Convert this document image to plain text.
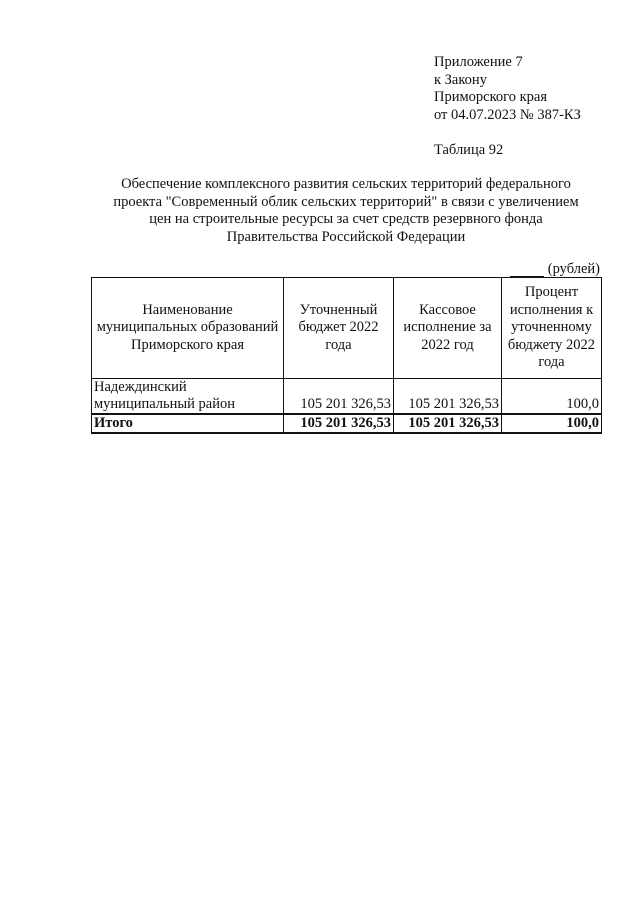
Приложение 7
к Закону
Приморского края
от 04.07.2023 № 387-КЗ
Таблица 92
Обеспечение комплексного развития сельских территорий федерального
проекта "Современный облик сельских территорий" в связи с увеличением
цен на строительные ресурсы за счет средств резервного фонда
Правительства Российской Федерации
(рублей)
Наименование муниципальных образований Приморского края	Уточненный бюджет 2022 года	Кассовое исполнение за 2022 год	Процент исполнения к уточненному бюджету 2022 года
Надеждинский муниципальный район	105 201 326,53	105 201 326,53	100,0
Итого	105 201 326,53	105 201 326,53	100,0
